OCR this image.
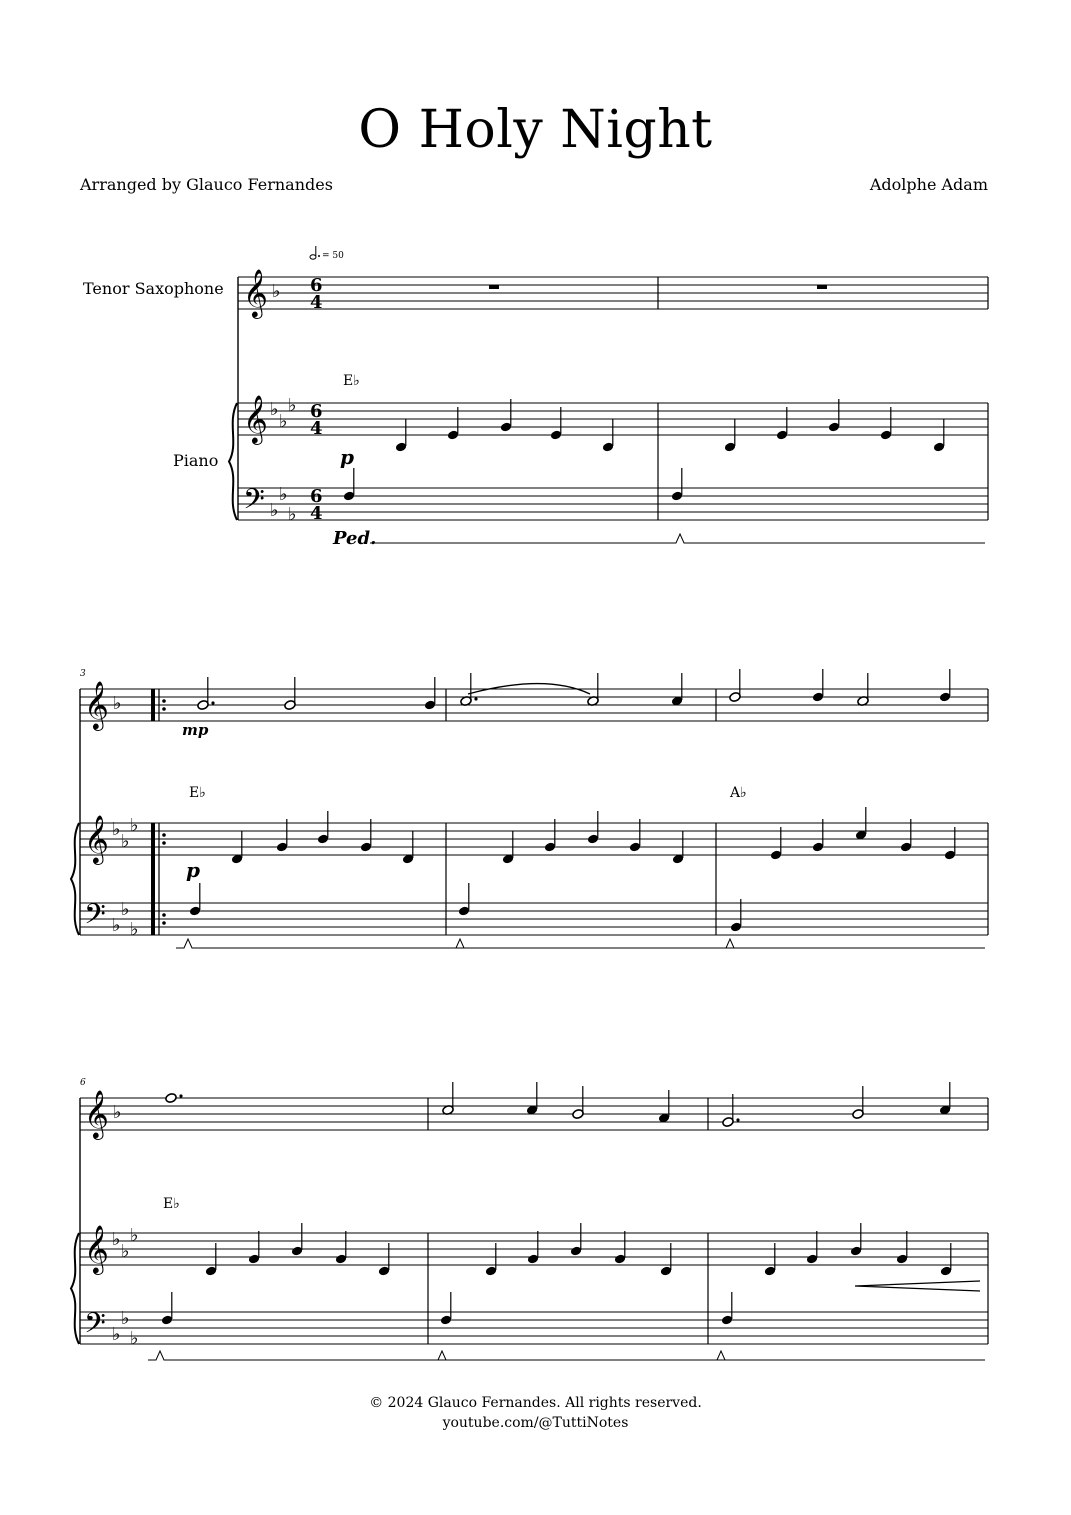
O Holy Night
Arranged by Glauco Fernandes	Adolphe Adam
Tenor Saxophone
Piano
© 2024 Glauco Fernandes. All rights reserved.
youtube.com/@TuttiNotes
𝄞 ♭ 6
4
𝄞 ♭
♭
♭ 6
4
𝄢 ♭
♭
♭
6
4
= 50
E♭
p
Ped.
3
𝄞 ♭
𝄞 ♭
♭
♭
𝄢 ♭
♭
♭
mp
E♭	A♭
p
6
𝄞 ♭
𝄞 ♭
♭
♭
𝄢 ♭
♭
♭
E♭
